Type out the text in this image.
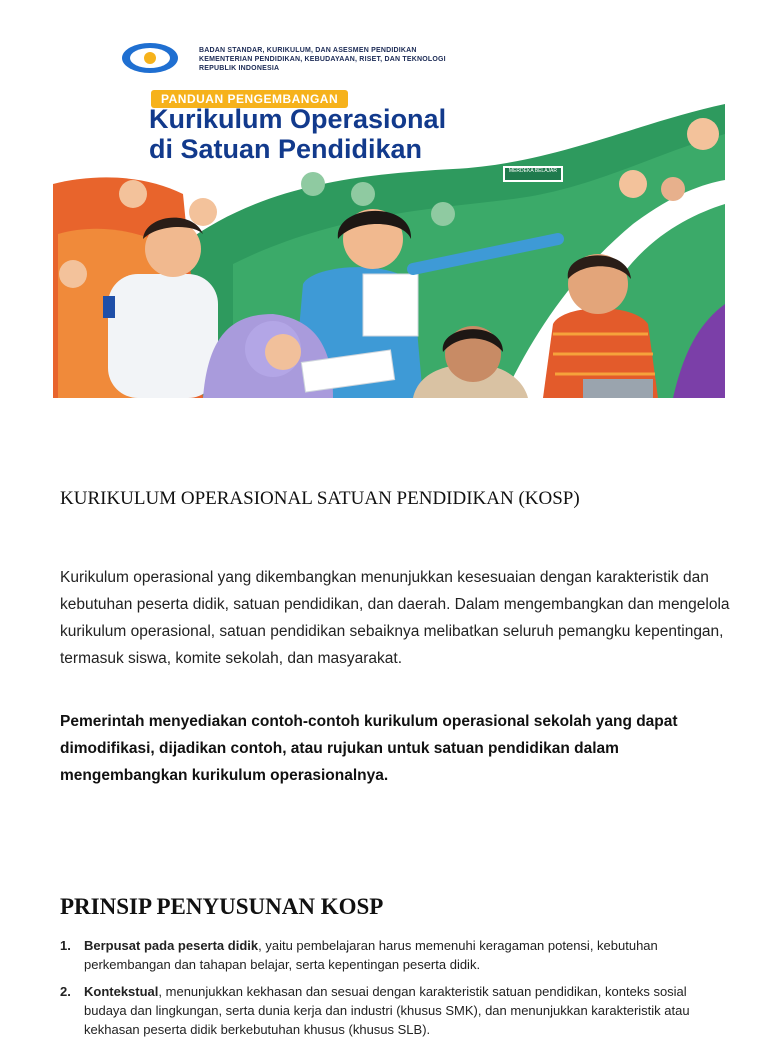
BADAN STANDAR, KURIKULUM, DAN ASESMEN PENDIDIKAN
KEMENTERIAN PENDIDIKAN, KEBUDAYAAN, RISET, DAN TEKNOLOGI
REPUBLIK INDONESIA
PANDUAN PENGEMBANGAN
Kurikulum Operasional
di Satuan Pendidikan
MERDEKA BELAJAR
KURIKULUM OPERASIONAL SATUAN PENDIDIKAN (KOSP)

Kurikulum operasional yang dikembangkan menunjukkan kesesuaian dengan karakteristik dan kebutuhan peserta didik, satuan pendidikan, dan daerah. Dalam mengembangkan dan mengelola kurikulum operasional, satuan pendidikan sebaiknya melibatkan seluruh pemangku kepentingan, termasuk siswa, komite sekolah, dan masyarakat.

Pemerintah menyediakan contoh-contoh kurikulum operasional sekolah yang dapat dimodifikasi, dijadikan contoh, atau rujukan untuk satuan pendidikan dalam mengembangkan kurikulum operasionalnya.

PRINSIP PENYUSUNAN KOSP
1. Berpusat pada peserta didik, yaitu pembelajaran harus memenuhi keragaman potensi, kebutuhan perkembangan dan tahapan belajar, serta kepentingan peserta didik.
2. Kontekstual, menunjukkan kekhasan dan sesuai dengan karakteristik satuan pendidikan, konteks sosial budaya dan lingkungan, serta dunia kerja dan industri (khusus SMK), dan menunjukkan karakteristik atau kekhasan peserta didik berkebutuhan khusus (khusus SLB).
